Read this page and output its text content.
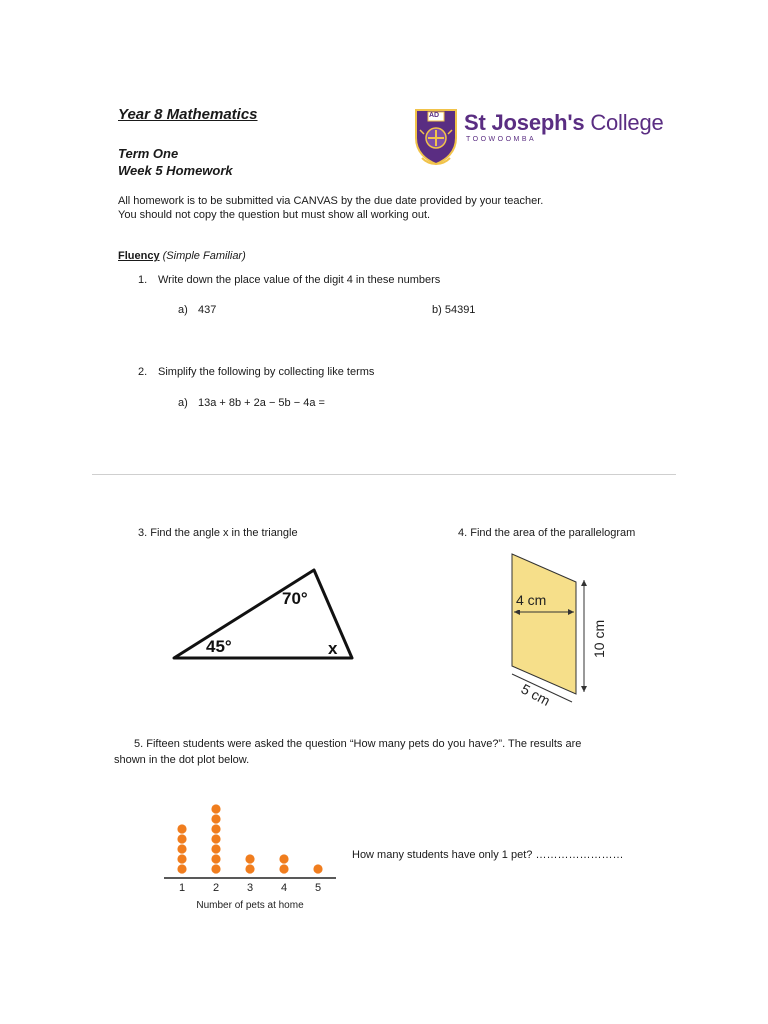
Year 8 Mathematics
Term One
Week 5 Homework
AD St Joseph's College
TOOWOOMBA
All homework is to be submitted via CANVAS by the due date provided by your teacher.
You should not copy the question but must show all working out.
Fluency (Simple Familiar)
1. Write down the place value of the digit 4 in these numbers
a) 437	b) 54391
2. Simplify the following by collecting like terms
a) 13a + 8b + 2a − 5b − 4a =
3. Find the angle x in the triangle	4. Find the area of the parallelogram
70°
45°	x
4 cm
10 cm
5 cm
5. Fifteen students were asked the question “How many pets do you have?”. The results are
shown in the dot plot below.
1	2	3	4	5
Number of pets at home
How many students have only 1 pet? ……………………
